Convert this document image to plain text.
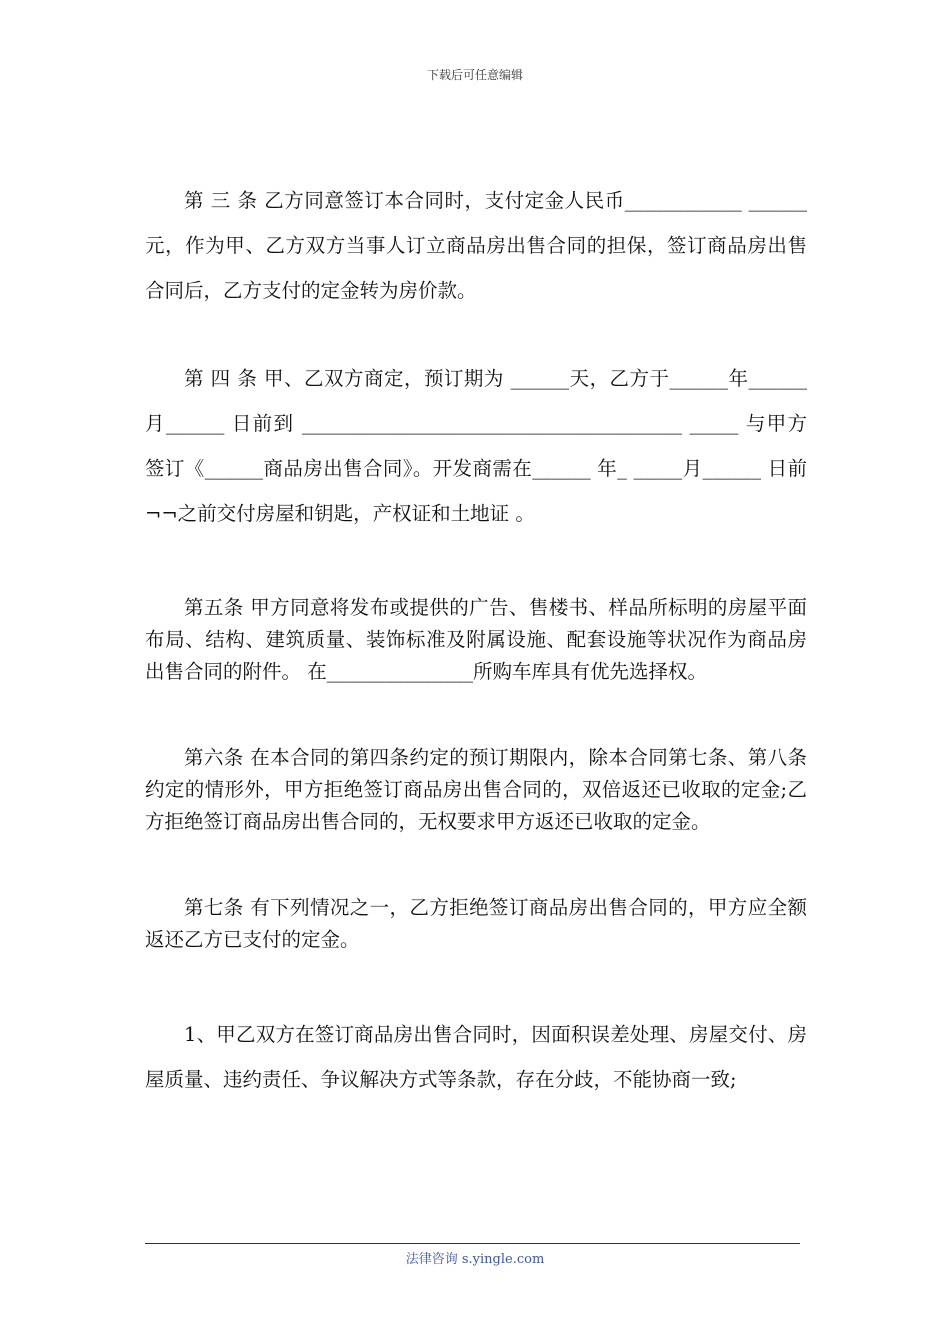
下载后可任意编辑

第 三 条 乙方同意签订本合同时，支付定金人民币____________ ______ 元，作为甲、乙方双方当事人订立商品房出售合同的担保，签订商品房出售合同后，乙方支付的定金转为房价款。

第 四 条 甲、乙双方商定，预订期为 ______天，乙方于______年______月______ 日前到 _______________________________________ _____ 与甲方签订《______商品房出售合同》。开发商需在______ 年_ _____月______ 日前¬¬之前交付房屋和钥匙，产权证和土地证 。

第五条 甲方同意将发布或提供的广告、售楼书、样品所标明的房屋平面布局、结构、建筑质量、装饰标准及附属设施、配套设施等状况作为商品房出售合同的附件。 在_______________所购车库具有优先选择权。

第六条 在本合同的第四条约定的预订期限内，除本合同第七条、第八条约定的情形外，甲方拒绝签订商品房出售合同的，双倍返还已收取的定金;乙方拒绝签订商品房出售合同的，无权要求甲方返还已收取的定金。

第七条 有下列情况之一，乙方拒绝签订商品房出售合同的，甲方应全额返还乙方已支付的定金。

1、甲乙双方在签订商品房出售合同时，因面积误差处理、房屋交付、房屋质量、违约责任、争议解决方式等条款，存在分歧，不能协商一致;

法律咨询 s.yingle.com
